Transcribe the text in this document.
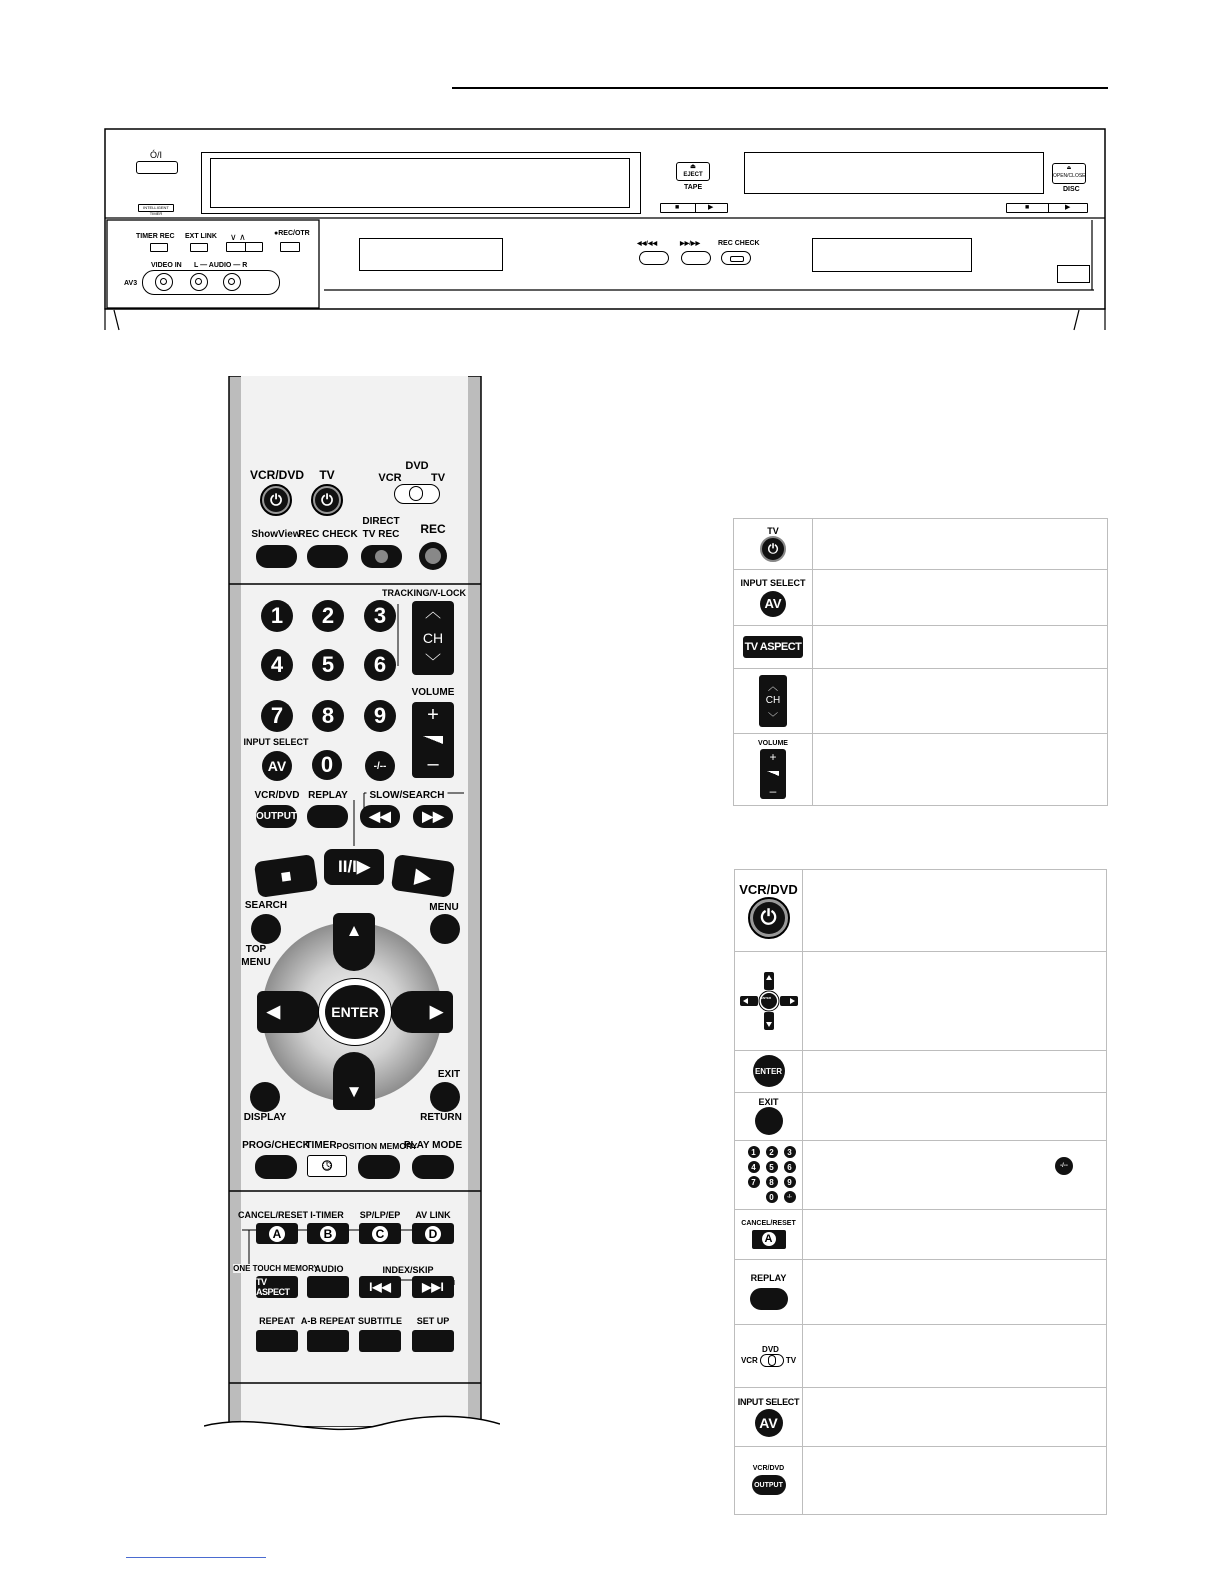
Ó/I
INTELLIGENT TIMER
⏏
EJECT
TAPE
■	▶
⏏
OPEN/CLOSE
DISC
■	▶
TIMER REC EXT LINK ∨ ∧	●REC/OTR
VIDEO IN L — AUDIO — R
AV3
◀◀/◀◀	▶▶/▶▶	REC CHECK
VCR/DVD
⏻
TV
⏻
DVD
VCR	TV
ShowView
REC CHECK
DIRECT
TV REC REC
TRACKING/V-LOCK
1	2	3
4	5	6
7	8	9
0
︿
CH
﹀
VOLUME
+
–
INPUT SELECT
AV	-/--
VCR/DVD
OUTPUT
REPLAY	SLOW/SEARCH
◀◀ ▶▶
■	II/I▶ ▶
SEARCH	MENU
TOP
MENU
▲
▼
◀	▶
ENTER
DISPLAY
EXIT
RETURN
PROG/CHECK
TIMER
🕓︎
POSITION MEMORY
PLAY MODE
CANCEL/RESET
A
I-TIMER
B
SP/LP/EP
C
AV LINK
D
ONE TOUCH MEMORY
TV ASPECT
AUDIO	INDEX/SKIP
I◀◀	▶▶I
REPEAT A-B REPEAT SUBTITLE SET UP
TV
⏻
INPUT SELECT
AV
TV ASPECT
︿
CH
﹀
VOLUME
+
–
VCR/DVD
⏻
ENTER
ENTER
EXIT
1	2	3
4	5	6
7	8	9
0	-/-
-/--
CANCEL/RESET
A
REPLAY
DVD
VCR	TV
INPUT SELECT
AV
VCR/DVD
OUTPUT
